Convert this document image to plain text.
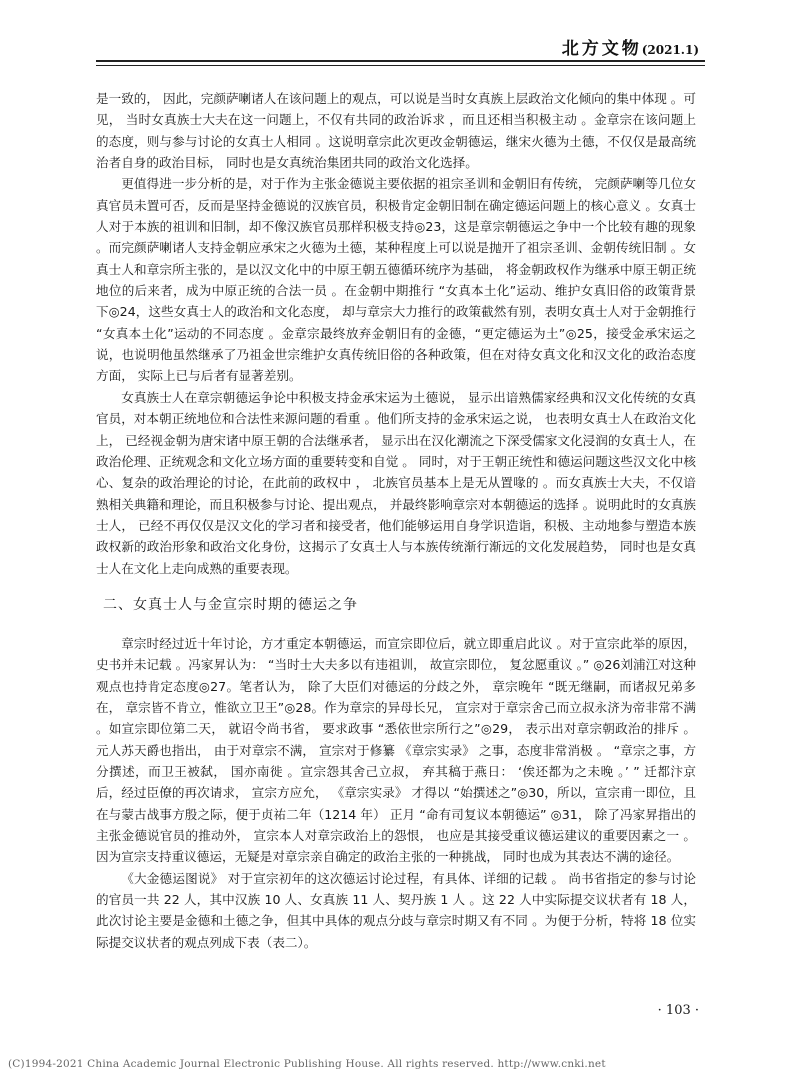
北方文物(2021.1)

是一致的， 因此，完颜萨喇诸人在该问题上的观点，可以说是当时女真族上层政治文化倾向的集中体现 。可见， 当时女真族士大夫在这一问题上，不仅有共同的政治诉求 ，而且还相当积极主动 。金章宗在该问题上的态度，则与参与讨论的女真士人相同 。这说明章宗此次更改金朝德运，继宋火德为土德，不仅仅是最高统治者自身的政治目标， 同时也是女真统治集团共同的政治文化选择。

更值得进一步分析的是，对于作为主张金德说主要依据的祖宗圣训和金朝旧有传统， 完颜萨喇等几位女真官员未置可否，反而是坚持金德说的汉族官员，积极肯定金朝旧制在确定德运问题上的核心意义 。女真士人对于本族的祖训和旧制，却不像汉族官员那样积极支持◎23，这是章宗朝德运之争中一个比较有趣的现象 。而完颜萨喇诸人支持金朝应承宋之火德为土德，某种程度上可以说是抛开了祖宗圣训、金朝传统旧制 。女真士人和章宗所主张的，是以汉文化中的中原王朝五德循环统序为基础， 将金朝政权作为继承中原王朝正统地位的后来者，成为中原正统的合法一员 。在金朝中期推行 “女真本土化”运动、维护女真旧俗的政策背景下◎24，这些女真士人的政治和文化态度， 却与章宗大力推行的政策截然有别，表明女真士人对于金朝推行 “女真本土化”运动的不同态度 。金章宗最终放弃金朝旧有的金德，“更定德运为土”◎25，接受金承宋运之说，也说明他虽然继承了乃祖金世宗维护女真传统旧俗的各种政策，但在对待女真文化和汉文化的政治态度方面， 实际上已与后者有显著差别。

女真族士人在章宗朝德运争论中积极支持金承宋运为土德说， 显示出谙熟儒家经典和汉文化传统的女真官员，对本朝正统地位和合法性来源问题的看重 。他们所支持的金承宋运之说， 也表明女真士人在政治文化上， 已经视金朝为唐宋诸中原王朝的合法继承者， 显示出在汉化潮流之下深受儒家文化浸润的女真士人，在政治伦理、正统观念和文化立场方面的重要转变和自觉 。 同时，对于王朝正统性和德运问题这些汉文化中核心、复杂的政治理论的讨论，在此前的政权中 ， 北族官员基本上是无从置喙的 。而女真族士大夫，不仅谙熟相关典籍和理论，而且积极参与讨论、提出观点， 并最终影响章宗对本朝德运的选择 。说明此时的女真族士人， 已经不再仅仅是汉文化的学习者和接受者，他们能够运用自身学识造诣，积极、主动地参与塑造本族政权新的政治形象和政治文化身份，这揭示了女真士人与本族传统渐行渐远的文化发展趋势， 同时也是女真士人在文化上走向成熟的重要表现。

二、女真士人与金宣宗时期的德运之争

章宗时经过近十年讨论，方才重定本朝德运，而宣宗即位后，就立即重启此议 。对于宣宗此举的原因，史书并未记载 。冯家昇认为： “当时士大夫多以有违祖训， 故宣宗即位， 复忿愿重议 。” ◎26刘浦江对这种观点也持肯定态度◎27。笔者认为， 除了大臣们对德运的分歧之外， 章宗晚年 “既无继嗣，而诸叔兄弟多在， 章宗皆不肯立，惟欲立卫王”◎28。作为章宗的异母长兄， 宣宗对于章宗舍己而立叔永济为帝非常不满 。如宣宗即位第二天， 就诏令尚书省， 要求政事 “悉依世宗所行之”◎29， 表示出对章宗朝政治的排斥 。元人苏天爵也指出， 由于对章宗不满， 宣宗对于修纂 《章宗实录》 之事，态度非常消极 。 “章宗之事，方分撰述，而卫王被弑， 国亦南徙 。宣宗怨其舍己立叔， 弃其稿于燕日： ‘俟还都为之未晚 。’ ” 迁都汴京后，经过臣僚的再次请求， 宣宗方应允， 《章宗实录》 才得以 “始撰述之”◎30，所以，宣宗甫一即位，且在与蒙古战事方殷之际，便于贞祐二年（1214 年） 正月 “命有司复议本朝德运” ◎31， 除了冯家昇指出的主张金德说官员的推动外， 宣宗本人对章宗政治上的怨恨， 也应是其接受重议德运建议的重要因素之一 。因为宣宗支持重议德运，无疑是对章宗亲自确定的政治主张的一种挑战， 同时也成为其表达不满的途径。

《大金德运图说》 对于宣宗初年的这次德运讨论过程，有具体、详细的记载 。 尚书省指定的参与讨论的官员一共 22 人，其中汉族 10 人、女真族 11 人、契丹族 1 人 。这 22 人中实际提交议状者有 18 人，此次讨论主要是金德和土德之争，但其中具体的观点分歧与章宗时期又有不同 。为便于分析，特将 18 位实际提交议状者的观点列成下表（表二）。

· 103 ·
(C)1994-2021 China Academic Journal Electronic Publishing House. All rights reserved. http://www.cnki.net
